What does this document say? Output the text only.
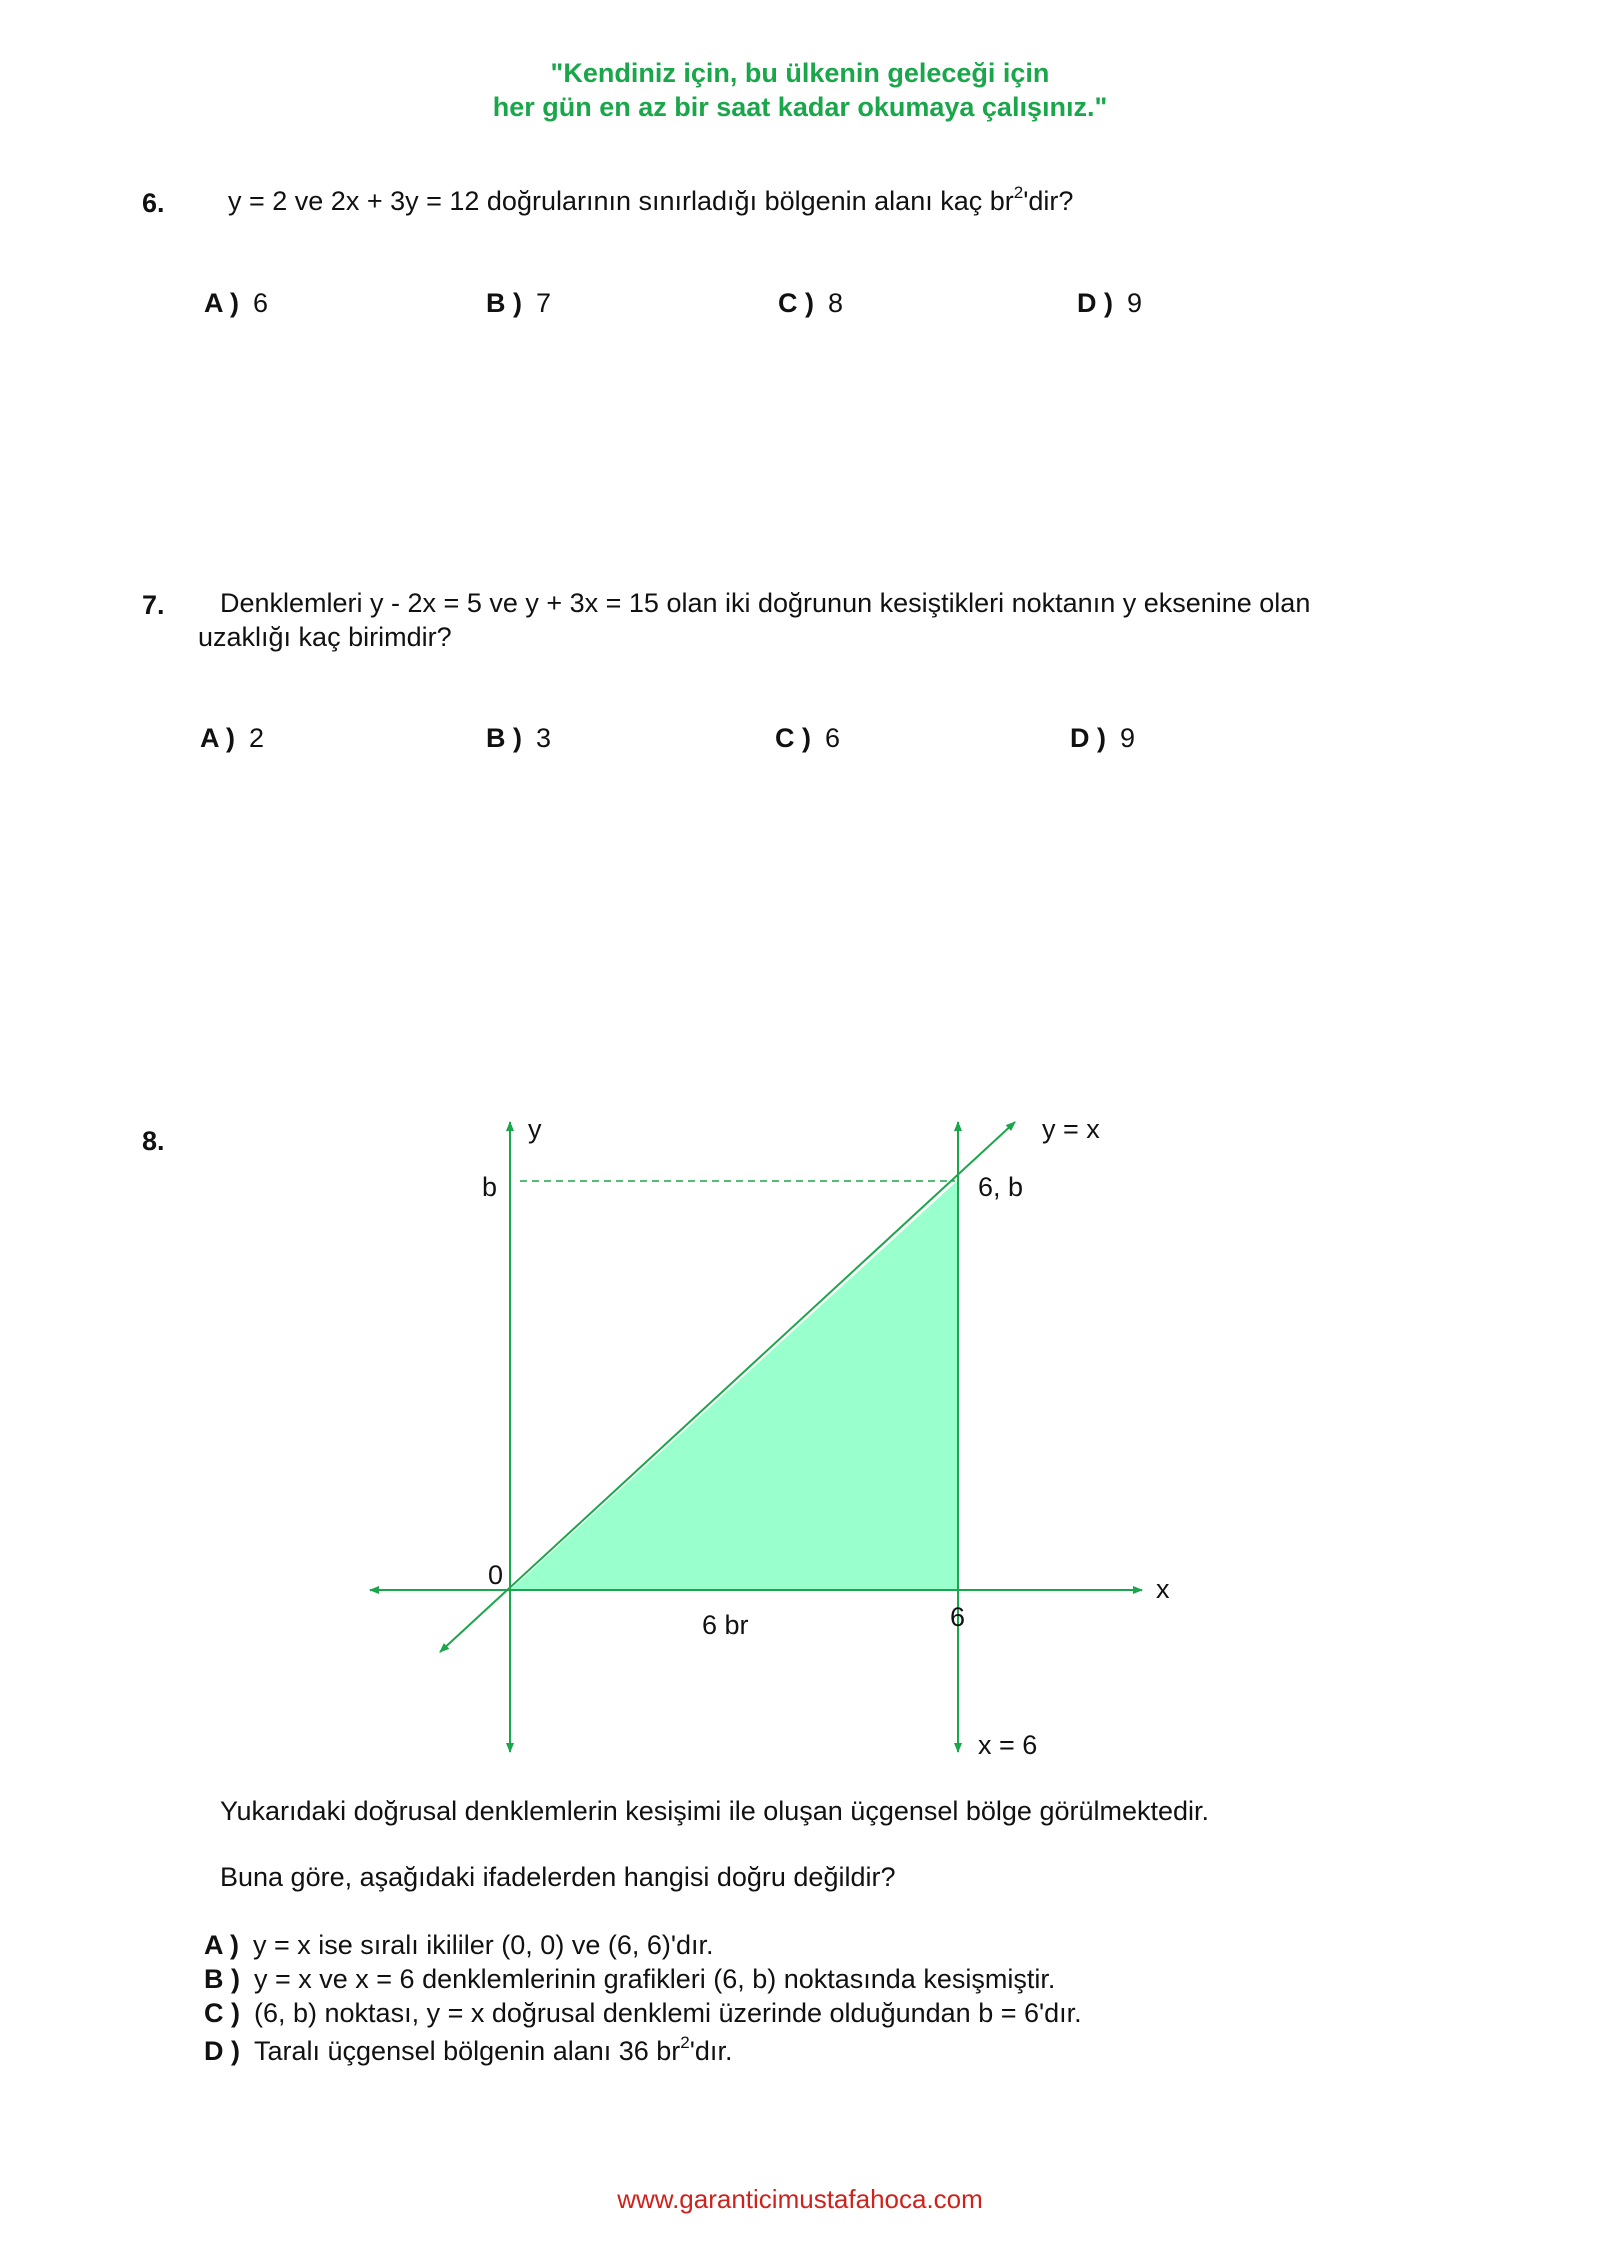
"Kendiniz için, bu ülkenin geleceği için
her gün en az bir saat kadar okumaya çalışınız."
6. y = 2 ve 2x + 3y = 12 doğrularının sınırladığı bölgenin alanı kaç $br^2'dir$?
A ) 6	B ) 7	C ) 8	D ) 9
7. Denklemleri y - 2x = 5 ve y + 3x = 15 olan iki doğrunun kesiştikleri noktanın y eksenine olan
uzaklığı kaç birimdir?
A ) 2	B ) 3	C ) 6	D ) 9
8.	y	y = x
b	6, b
0	x
6
6 br
x = 6
Yukarıdaki doğrusal denklemlerin kesişimi ile oluşan üçgensel bölge görülmektedir.
Buna göre, aşağıdaki ifadelerden hangisi doğru değildir?
A ) y = x ise sıralı ikililer (0, 0) ve (6, 6)'dır.
B ) y = x ve x = 6 denklemlerinin grafikleri (6, b) noktasında kesişmiştir.
C ) (6, b) noktası, y = x doğrusal denklemi üzerinde olduğundan b = 6'dır.
D ) Taralı üçgensel bölgenin alanı 36 $br^2'dır$.
www.garanticimustafahoca.com
